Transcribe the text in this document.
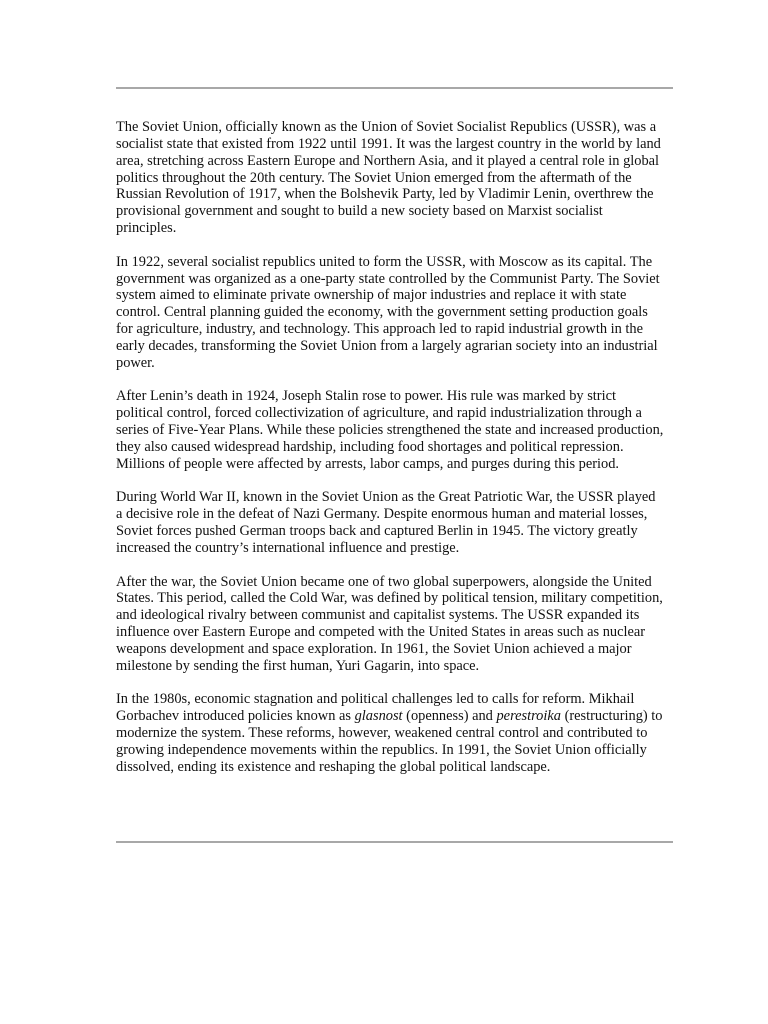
The Soviet Union, officially known as the Union of Soviet Socialist Republics (USSR), was a socialist state that existed from 1922 until 1991. It was the largest country in the world by land area, stretching across Eastern Europe and Northern Asia, and it played a central role in global politics throughout the 20th century. The Soviet Union emerged from the aftermath of the Russian Revolution of 1917, when the Bolshevik Party, led by Vladimir Lenin, overthrew the provisional government and sought to build a new society based on Marxist socialist principles.

In 1922, several socialist republics united to form the USSR, with Moscow as its capital. The government was organized as a one-party state controlled by the Communist Party. The Soviet system aimed to eliminate private ownership of major industries and replace it with state control. Central planning guided the economy, with the government setting production goals for agriculture, industry, and technology. This approach led to rapid industrial growth in the early decades, transforming the Soviet Union from a largely agrarian society into an industrial power.

After Lenin’s death in 1924, Joseph Stalin rose to power. His rule was marked by strict political control, forced collectivization of agriculture, and rapid industrialization through a series of Five-Year Plans. While these policies strengthened the state and increased production, they also caused widespread hardship, including food shortages and political repression. Millions of people were affected by arrests, labor camps, and purges during this period.

During World War II, known in the Soviet Union as the Great Patriotic War, the USSR played a decisive role in the defeat of Nazi Germany. Despite enormous human and material losses, Soviet forces pushed German troops back and captured Berlin in 1945. The victory greatly increased the country’s international influence and prestige.

After the war, the Soviet Union became one of two global superpowers, alongside the United States. This period, called the Cold War, was defined by political tension, military competition, and ideological rivalry between communist and capitalist systems. The USSR expanded its influence over Eastern Europe and competed with the United States in areas such as nuclear weapons development and space exploration. In 1961, the Soviet Union achieved a major milestone by sending the first human, Yuri Gagarin, into space.

In the 1980s, economic stagnation and political challenges led to calls for reform. Mikhail Gorbachev introduced policies known as glasnost (openness) and perestroika (restructuring) to modernize the system. These reforms, however, weakened central control and contributed to growing independence movements within the republics. In 1991, the Soviet Union officially dissolved, ending its existence and reshaping the global political landscape.
